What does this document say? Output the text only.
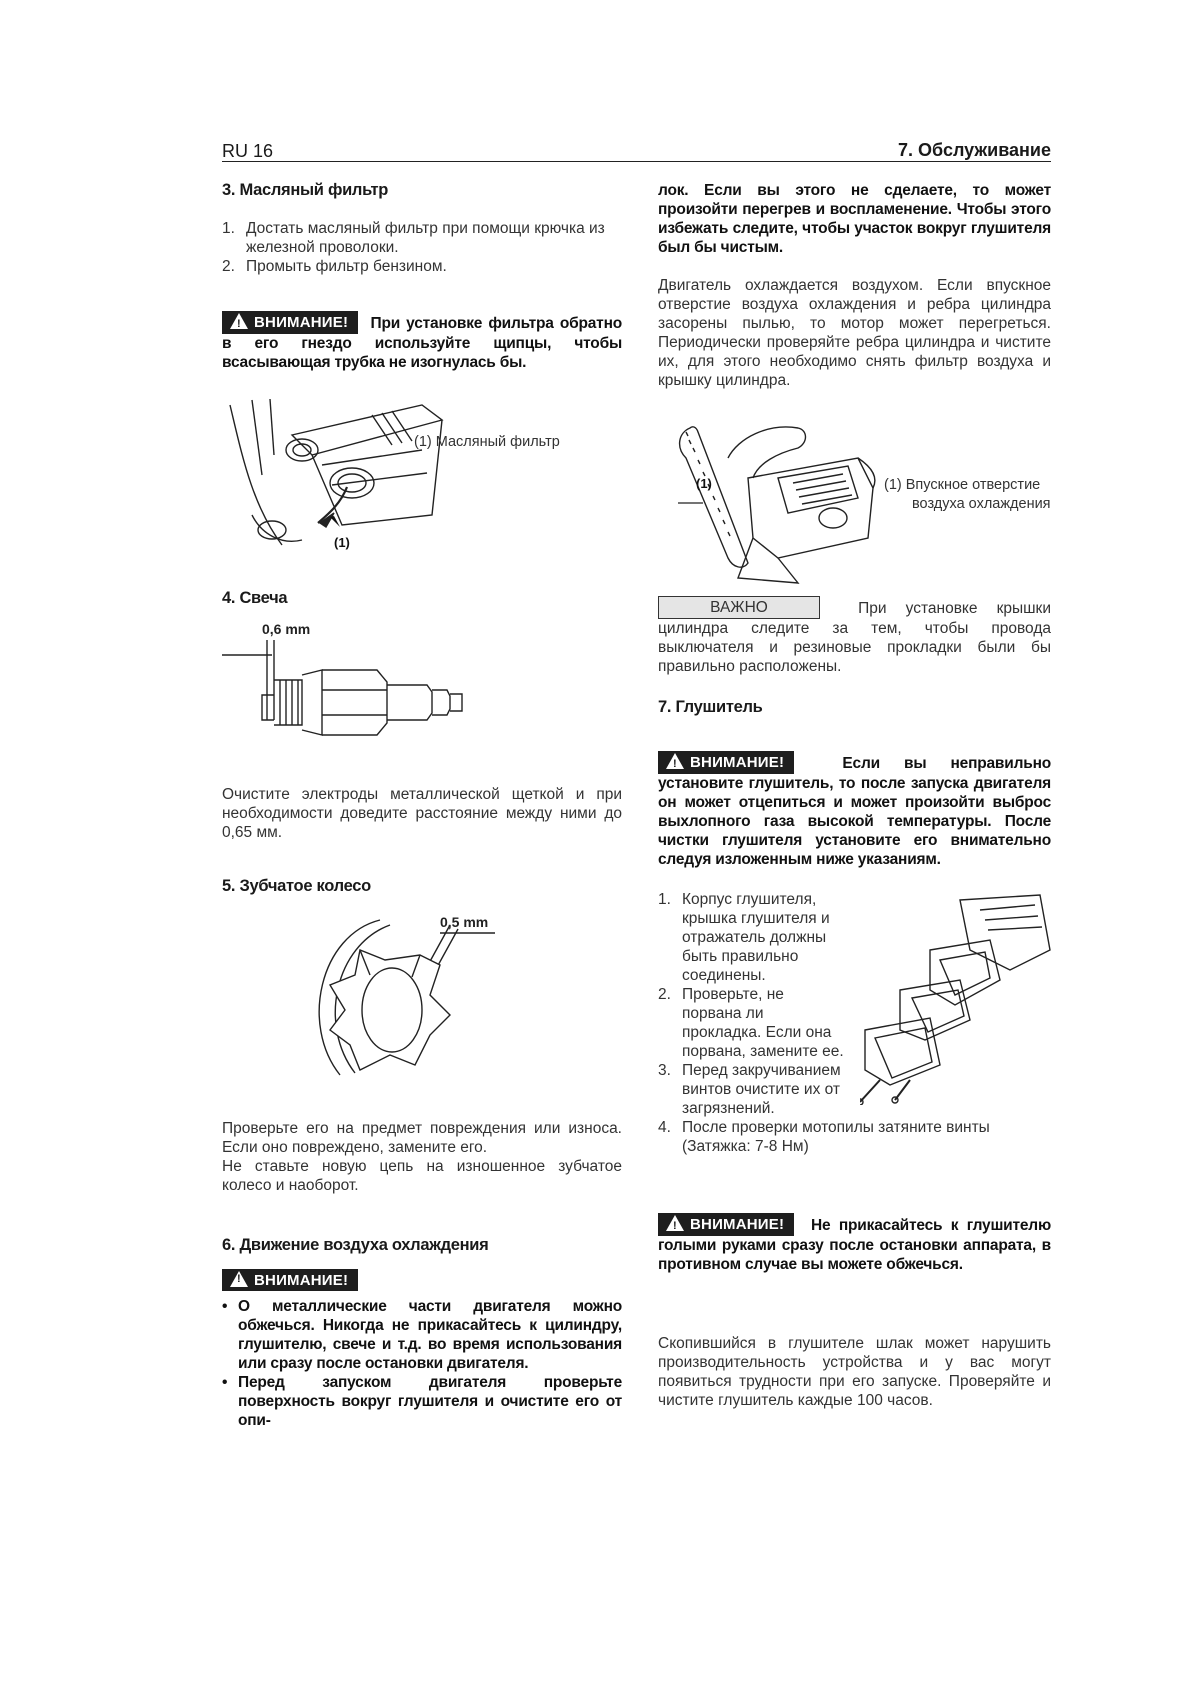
RU 16	7. Обслуживание
3. Масляный фильтр
1. Достать масляный фильтр при помощи крючка из железной проволоки.
2. Промыть фильтр бензином.
!ВНИМАНИЕ! При установке фильтра обратно в его гнездо используйте щипцы, чтобы всасывающая трубка не изогнулась бы.
(1)
(1) Масляный фильтр
4. Свеча
0,6 mm
Очистите электроды металлической щеткой и при необходимости доведите расстояние между ними до 0,65 мм.
5. Зубчатое колесо
0,5 mm
Проверьте его на предмет повреждения или износа. Если оно повреждено, замените его.
Не ставьте новую цепь на изношенное зубчатое колесо и наоборот.
6. Движение воздуха охлаждения
!ВНИМАНИЕ!
• О металлические части двигателя можно обжечься. Никогда не прикасайтесь к цилиндру, глушителю, свече и т.д. во время использования или сразу после остановки двигателя.
• Перед запуском двигателя проверьте поверхность вокруг глушителя и очистите его от опи-
лок. Если вы этого не сделаете, то может произойти перегрев и воспламенение. Чтобы этого избежать следите, чтобы участок вокруг глушителя был бы чистым.
Двигатель охлаждается воздухом. Если впускное отверстие воздуха охлаждения и ребра цилиндра засорены пылью, то мотор может перегреться. Периодически проверяйте ребра цилиндра и чистите их, для этого необходимо снять фильтр воздуха и крышку цилиндра.
(1)	(1) Впускное отверстие
воздуха охлаждения
ВАЖНО	При установке крышки цилиндра следите за тем, чтобы провода выключателя и резиновые прокладки были бы правильно расположены.
7. Глушитель
!ВНИМАНИЕ!	Если вы неправильно установите глушитель, то после запуска двигателя он может отцепиться и может произойти выброс выхлопного газа высокой температуры. После чистки глушителя установите его внимательно следуя изложенным ниже указаниям.
1. Корпус глушителя, крышка глушителя и отражатель должны быть правильно соединены.
2. Проверьте, не порвана ли прокладка. Если она порвана, замените ее.
3. Перед закручиванием винтов очистите их от загрязнений.
4. После проверки мотопилы затяните винты (Затяжка: 7-8 Нм)
!ВНИМАНИЕ! Не прикасайтесь к глушителю голыми руками сразу после остановки аппарата, в противном случае вы можете обжечься.
Скопившийся в глушителе шлак может нарушить производительность устройства и у вас могут появиться трудности при его запуске. Проверяйте и чистите глушитель каждые 100 часов.
